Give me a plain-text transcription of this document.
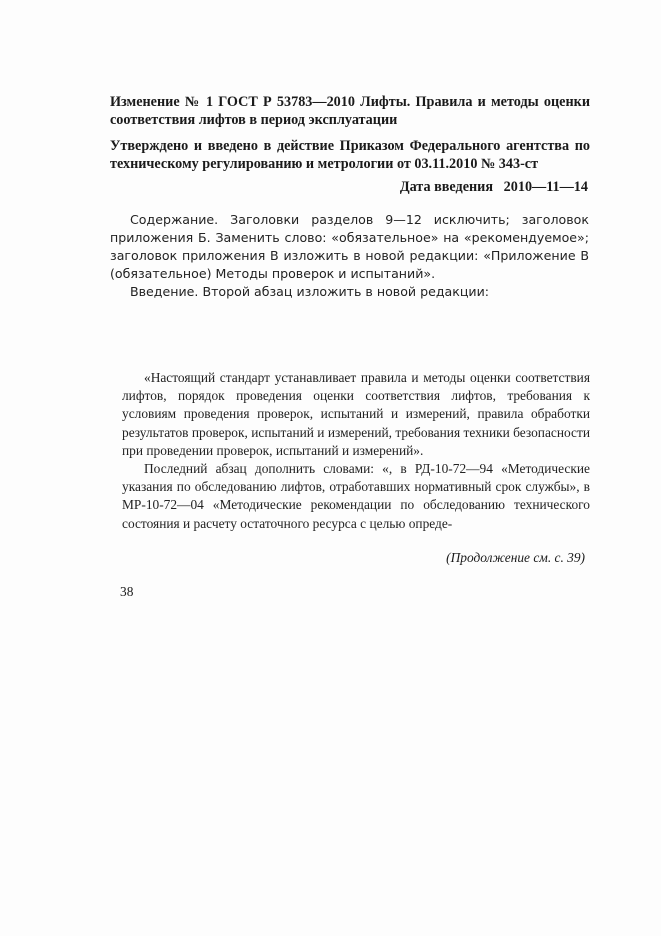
Изменение № 1 ГОСТ Р 53783—2010 Лифты. Правила и методы оценки соответствия лифтов в период эксплуатации
Утверждено и введено в действие Приказом Федерального агентства по техническому регулированию и метрологии от 03.11.2010 № 343-ст
Дата введения 2010—11—14

Содержание. Заголовки разделов 9—12 исключить; заголовок приложения Б. Заменить слово: «обязательное» на «рекомендуемое»; заголовок приложения В изложить в новой редакции: «Приложение В (обязательное) Методы проверок и испытаний».

Введение. Второй абзац изложить в новой редакции:

«Настоящий стандарт устанавливает правила и методы оценки соответствия лифтов, порядок проведения оценки соответствия лифтов, требования к условиям проведения проверок, испытаний и измерений, правила обработки результатов проверок, испытаний и измерений, требования техники безопасности при проведении проверок, испытаний и измерений».

Последний абзац дополнить словами: «, в РД-10-72—94 «Методические указания по обследованию лифтов, отработавших нормативный срок службы», в МР-10-72—04 «Методические рекомендации по обследованию технического состояния и расчету остаточного ресурса с целью опреде-

(Продолжение см. с. 39)
38
